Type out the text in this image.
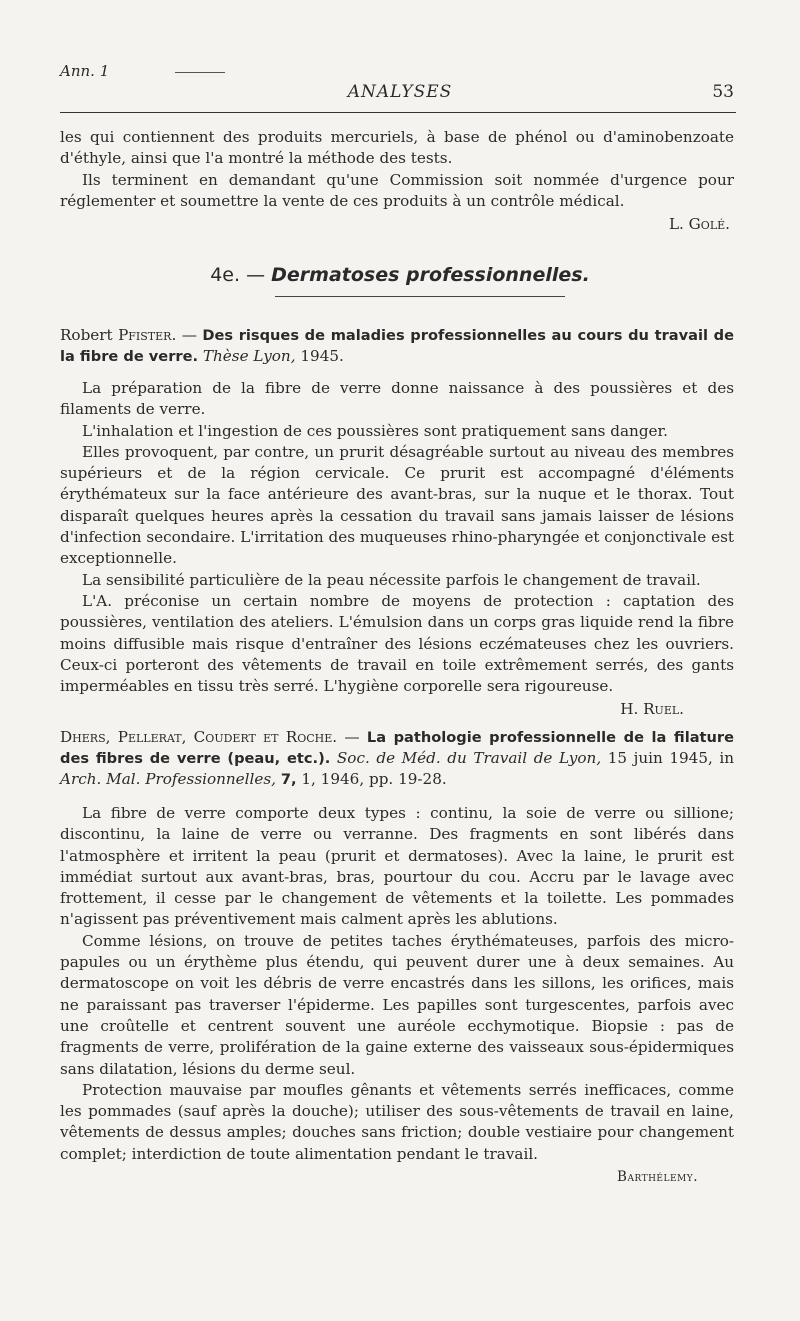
Ann. 1
ANALYSES	53

les qui contiennent des produits mercuriels, à base de phénol ou d'aminobenzoate d'éthyle, ainsi que l'a montré la méthode des tests.

Ils terminent en demandant qu'une Commission soit nommée d'urgence pour réglementer et soumettre la vente de ces produits à un contrôle médical.

L. Golé.
4e. — Dermatoses professionnelles.
Robert Pfister. — Des risques de maladies professionnelles au cours du travail de la fibre de verre. Thèse Lyon, 1945.

La préparation de la fibre de verre donne naissance à des poussières et des filaments de verre.

L'inhalation et l'ingestion de ces poussières sont pratiquement sans danger.

Elles provoquent, par contre, un prurit désagréable surtout au niveau des membres supérieurs et de la région cervicale. Ce prurit est accompagné d'éléments érythémateux sur la face antérieure des avant-bras, sur la nuque et le thorax. Tout disparaît quelques heures après la cessation du travail sans jamais laisser de lésions d'infection secondaire. L'irritation des muqueuses rhino-pharyngée et conjonctivale est exceptionnelle.

La sensibilité particulière de la peau nécessite parfois le changement de travail.

L'A. préconise un certain nombre de moyens de protection : captation des poussières, ventilation des ateliers. L'émulsion dans un corps gras liquide rend la fibre moins diffusible mais risque d'entraîner des lésions eczémateuses chez les ouvriers. Ceux-ci porteront des vêtements de travail en toile extrêmement serrés, des gants imperméables en tissu très serré. L'hygiène corporelle sera rigoureuse.

H. Ruel.
Dhers, Pellerat, Coudert et Roche. — La pathologie professionnelle de la filature des fibres de verre (peau, etc.). Soc. de Méd. du Travail de Lyon, 15 juin 1945, in Arch. Mal. Professionnelles, 7, 1, 1946, pp. 19-28.

La fibre de verre comporte deux types : continu, la soie de verre ou sillione; discontinu, la laine de verre ou verranne. Des fragments en sont libérés dans l'atmosphère et irritent la peau (prurit et dermatoses). Avec la laine, le prurit est immédiat surtout aux avant-bras, bras, pourtour du cou. Accru par le lavage avec frottement, il cesse par le changement de vêtements et la toilette. Les pommades n'agissent pas préventivement mais calment après les ablutions.

Comme lésions, on trouve de petites taches érythémateuses, parfois des micro-papules ou un érythème plus étendu, qui peuvent durer une à deux semaines. Au dermatoscope on voit les débris de verre encastrés dans les sillons, les orifices, mais ne paraissant pas traverser l'épiderme. Les papilles sont turgescentes, parfois avec une croûtelle et centrent souvent une auréole ecchymotique. Biopsie : pas de fragments de verre, prolifération de la gaine externe des vaisseaux sous-épidermiques sans dilatation, lésions du derme seul.

Protection mauvaise par moufles gênants et vêtements serrés inefficaces, comme les pommades (sauf après la douche); utiliser des sous-vêtements de travail en laine, vêtements de dessus amples; douches sans friction; double vestiaire pour changement complet; interdiction de toute alimentation pendant le travail.

Barthélemy.
